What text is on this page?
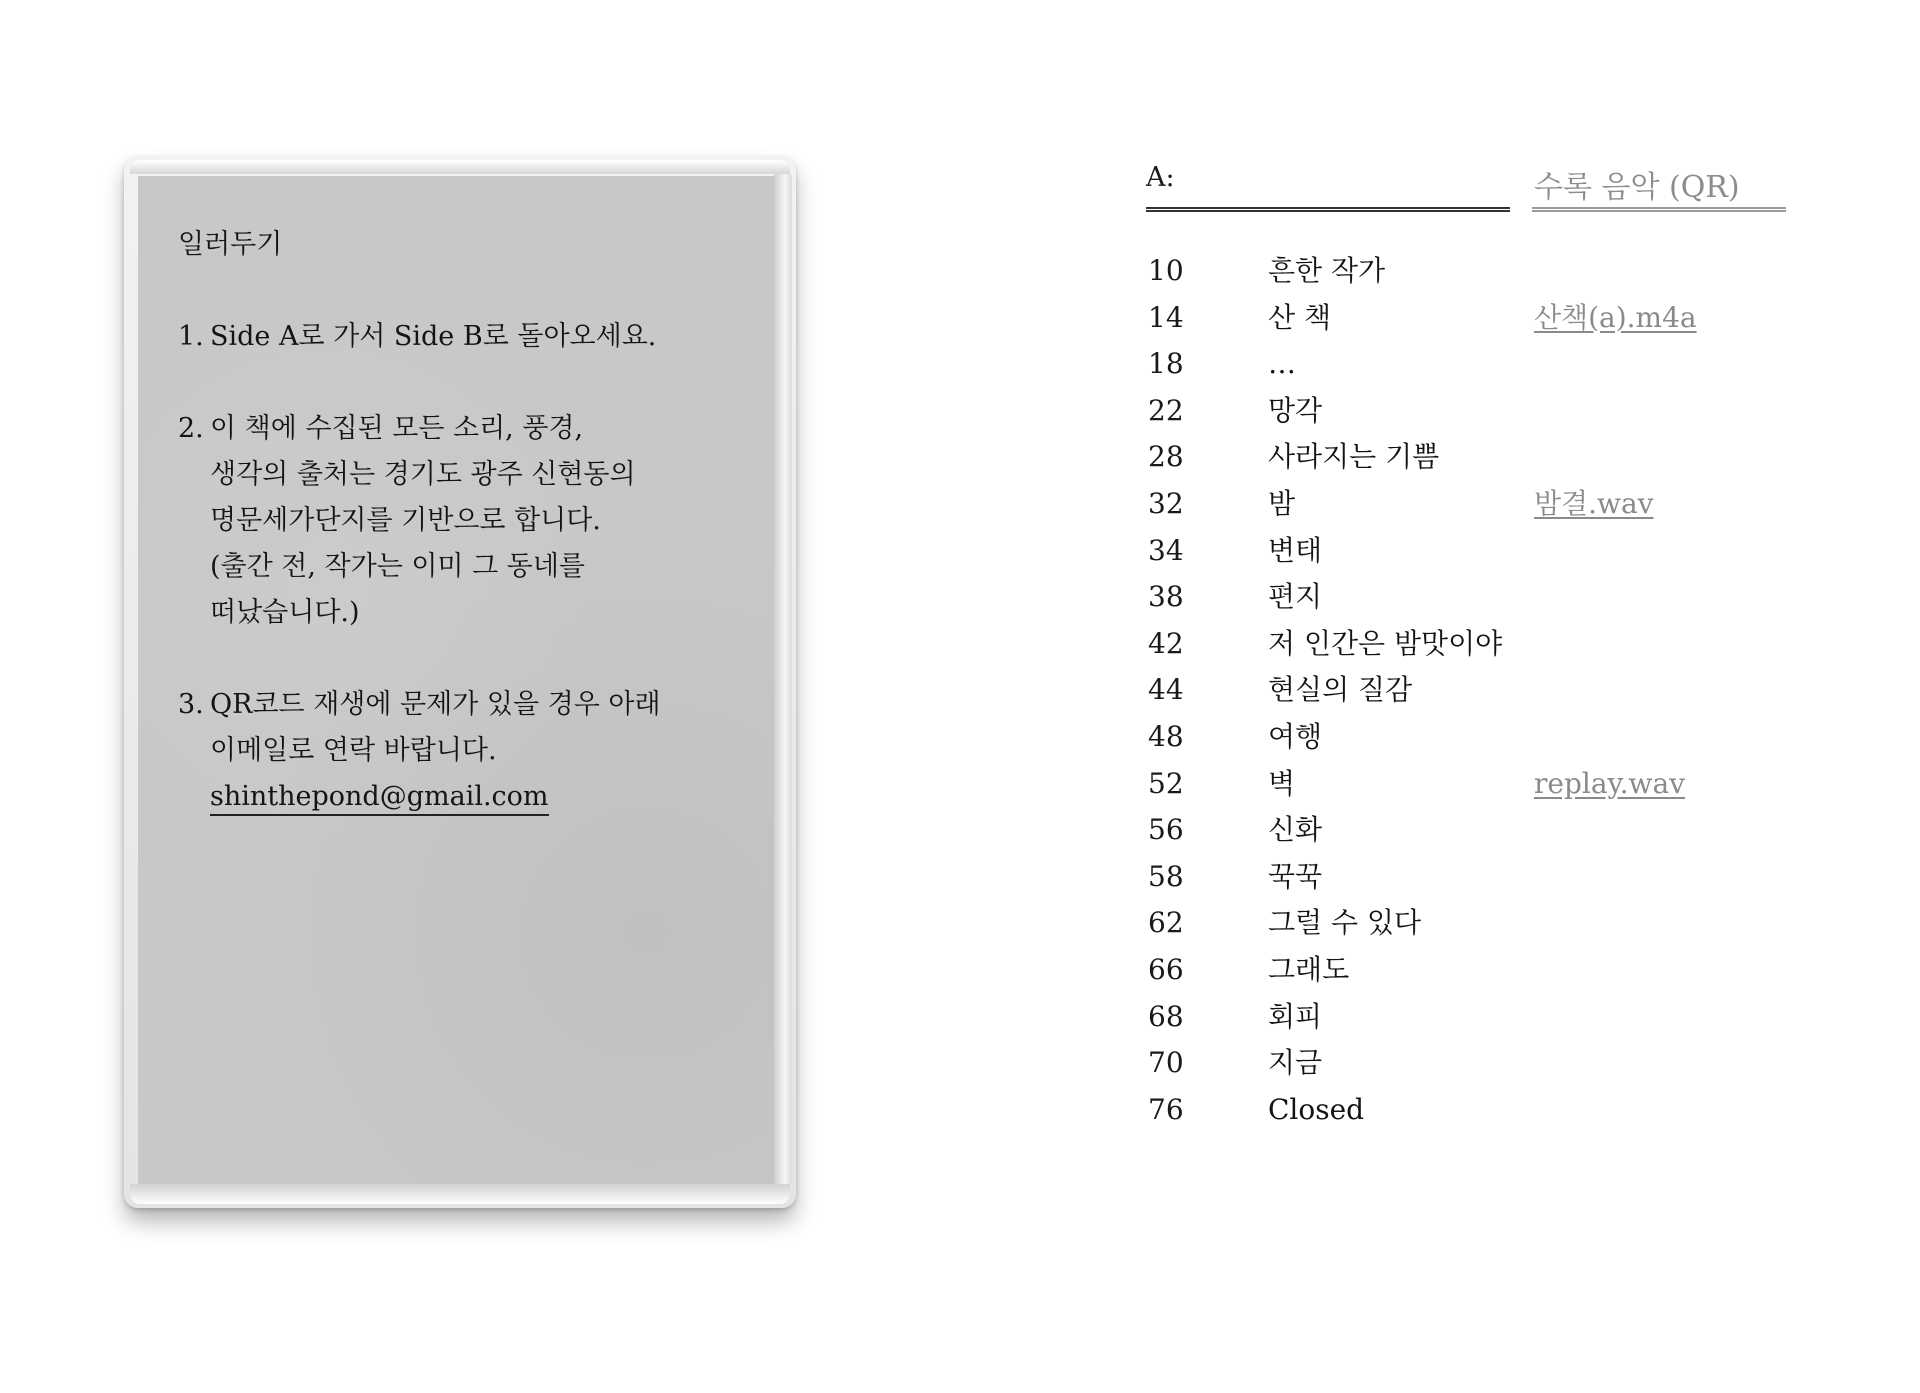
일러두기
1. Side A로 가서 Side B로 돌아오세요.
2. 이 책에 수집된 모든 소리, 풍경,
생각의 출처는 경기도 광주 신현동의
명문세가단지를 기반으로 합니다.
(출간 전, 작가는 이미 그 동네를
떠났습니다.)
3. QR코드 재생에 문제가 있을 경우 아래
이메일로 연락 바랍니다.
shinthepond@gmail.com
A:	수록 음악 (QR)
10	흔한 작가
14	산 책	산책(a).m4a
18	…
22	망각
28	사라지는 기쁨
32	밤	밤결.wav
34	변태
38	편지
42	저 인간은 밤맛이야
44	현실의 질감
48	여행
52	벽	replay.wav
56	신화
58	꾹꾹
62	그럴 수 있다
66	그래도
68	회피
70	지금
76	Closed
